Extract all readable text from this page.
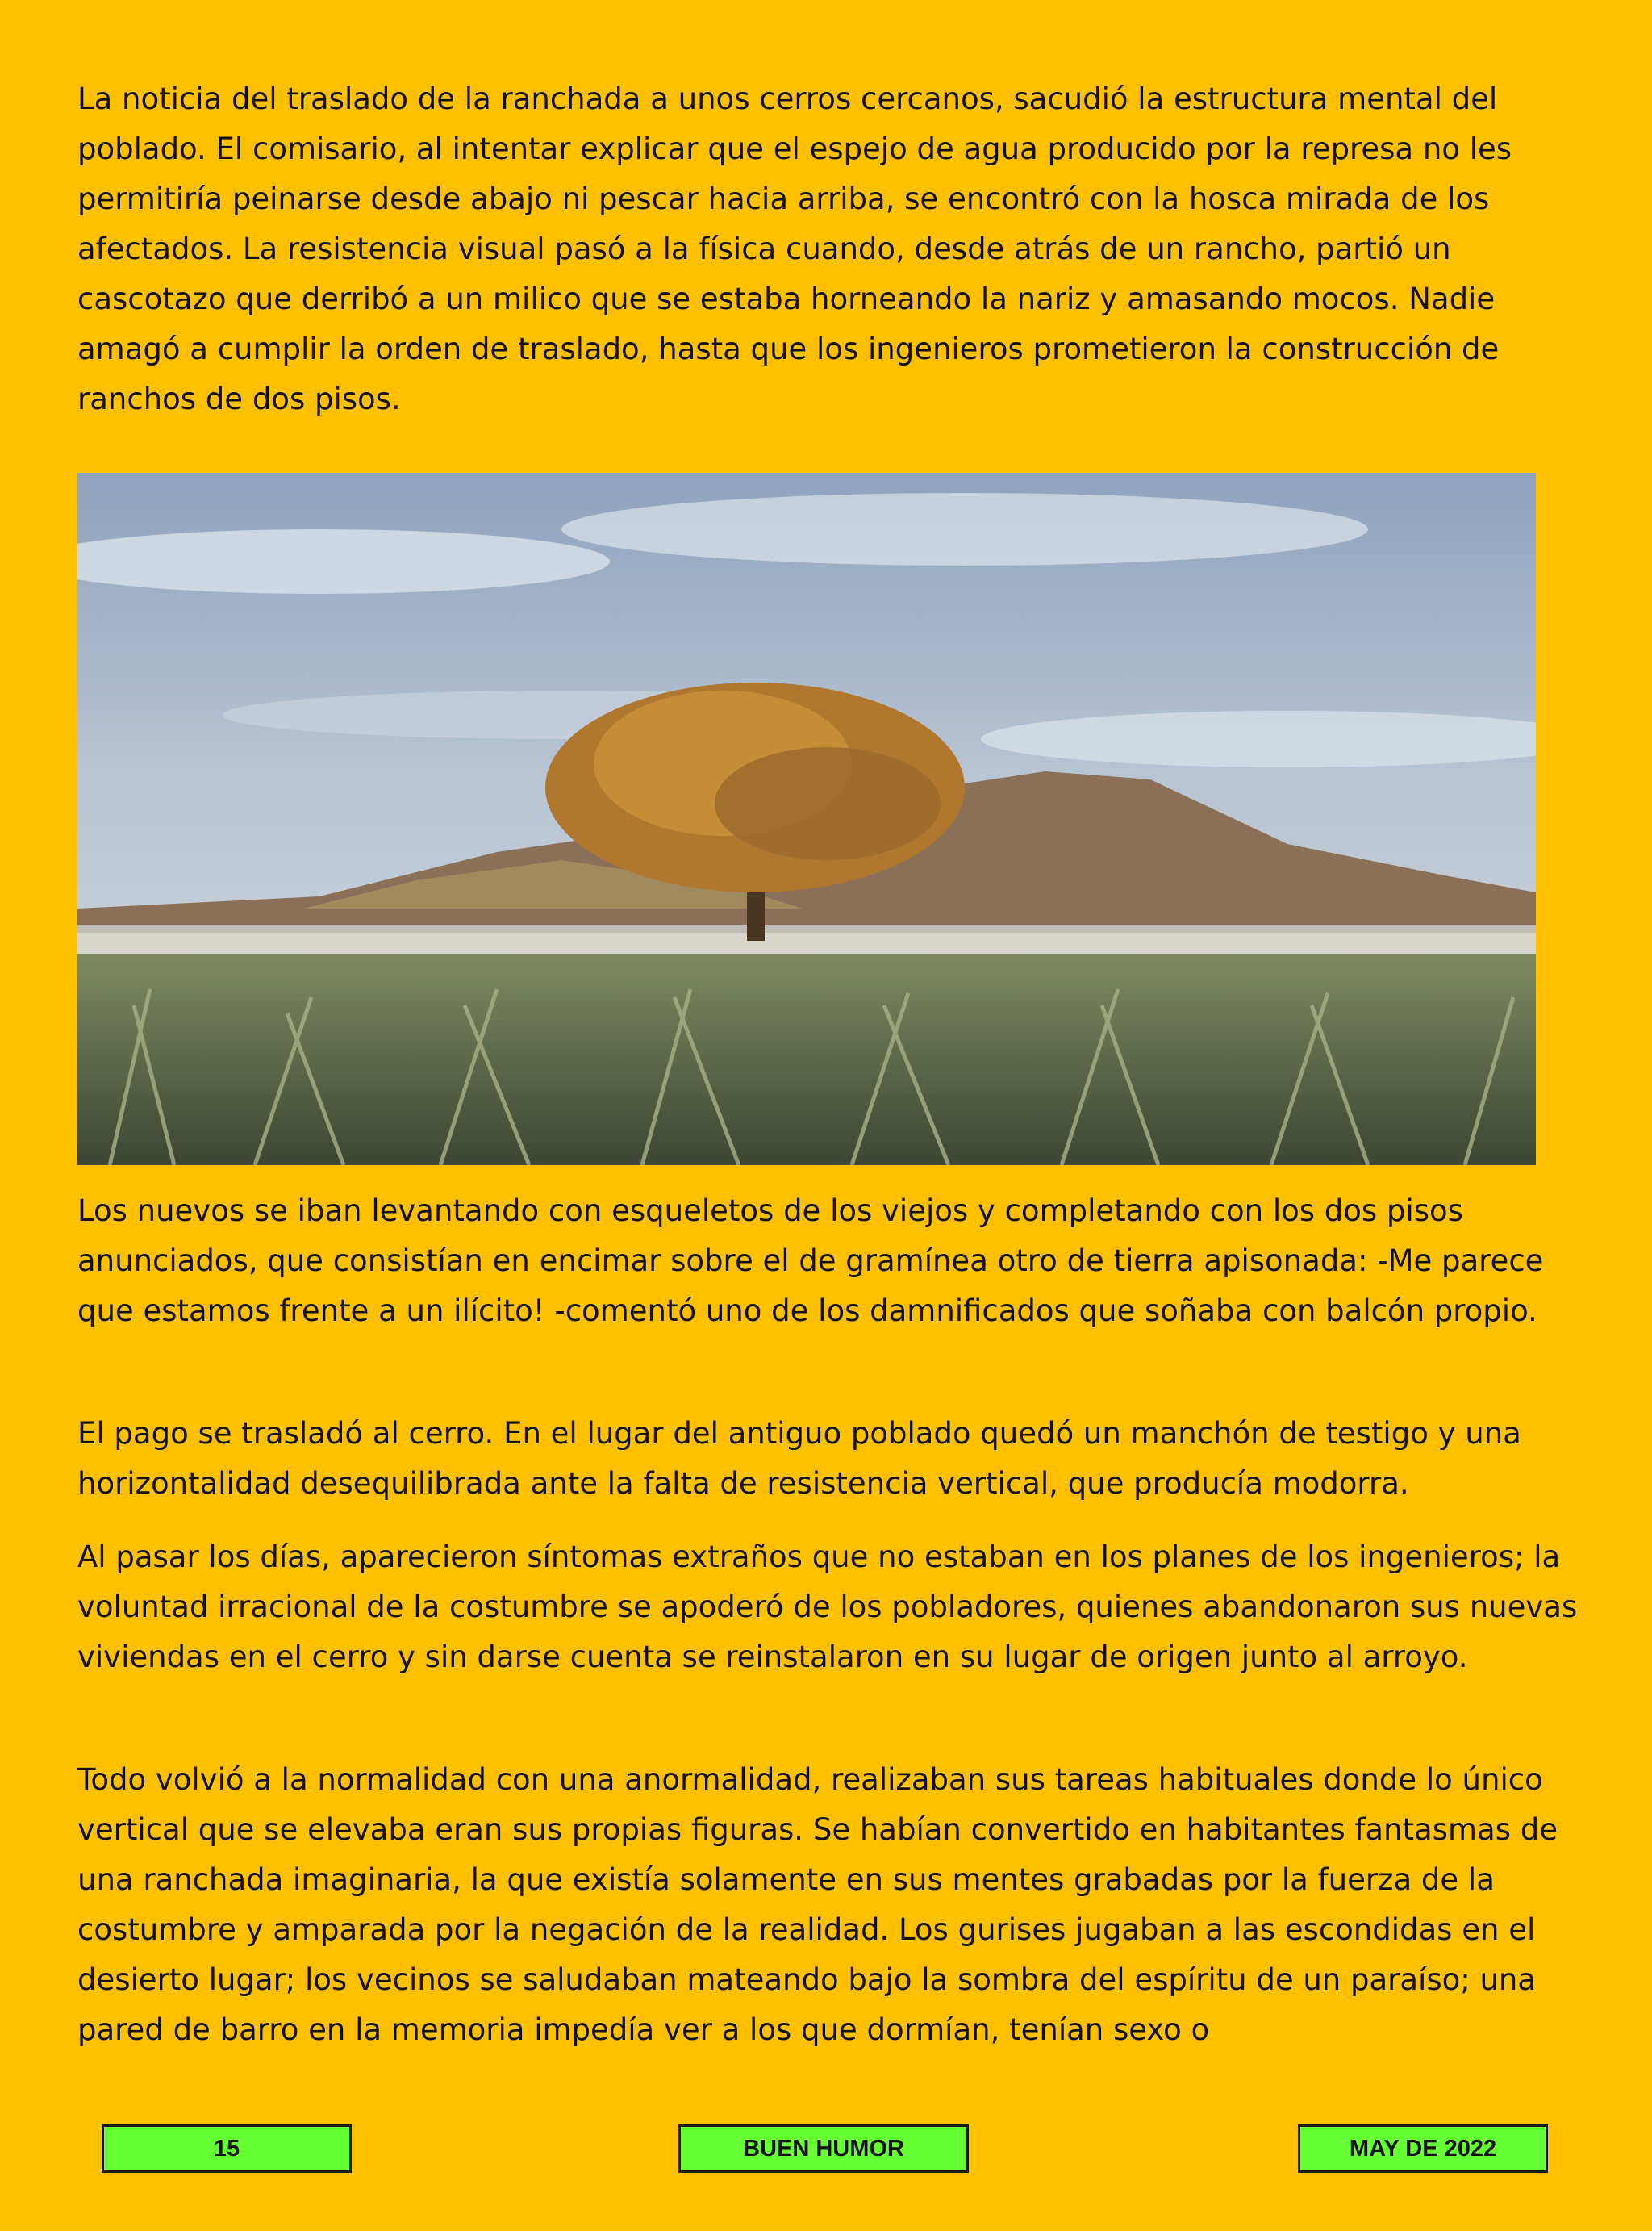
La noticia del traslado de la ranchada a unos cerros cercanos, sacudió la estructura mental del poblado. El comisario, al intentar explicar que el espejo de agua producido por la represa no les permitiría peinarse desde abajo ni pescar hacia arriba, se encontró con la hosca mirada de los afectados. La resistencia visual pasó a la física cuando, desde atrás de un rancho, partió un cascotazo que derribó a un milico que se estaba horneando la nariz y amasando mocos. Nadie amagó a cumplir la orden de traslado, hasta que los ingenieros prometieron la construcción de ranchos de dos pisos.

Los nuevos se iban levantando con esqueletos de los viejos y completando con los dos pisos anunciados, que consistían en encimar sobre el de gramínea otro de tierra apisonada: -Me parece que estamos frente a un ilícito! -comentó uno de los damnificados que soñaba con balcón propio.

El pago se trasladó al cerro. En el lugar del antiguo poblado quedó un manchón de testigo y una horizontalidad desequilibrada ante la falta de resistencia vertical, que producía modorra.

Al pasar los días, aparecieron síntomas extraños que no estaban en los planes de los ingenieros; la voluntad irracional de la costumbre se apoderó de los pobladores, quienes abandonaron sus nuevas viviendas en el cerro y sin darse cuenta se reinstalaron en su lugar de origen junto al arroyo.

Todo volvió a la normalidad con una anormalidad, realizaban sus tareas habituales donde lo único vertical que se elevaba eran sus propias figuras. Se habían convertido en habitantes fantasmas de una ranchada imaginaria, la que existía solamente en sus mentes grabadas por la fuerza de la costumbre y amparada por la negación de la realidad. Los gurises jugaban a las escondidas en el desierto lugar; los vecinos se saludaban mateando bajo la sombra del espíritu de un paraíso; una pared de barro en la memoria impedía ver a los que dormían, tenían sexo o

15	BUEN HUMOR	MAY DE 2022
